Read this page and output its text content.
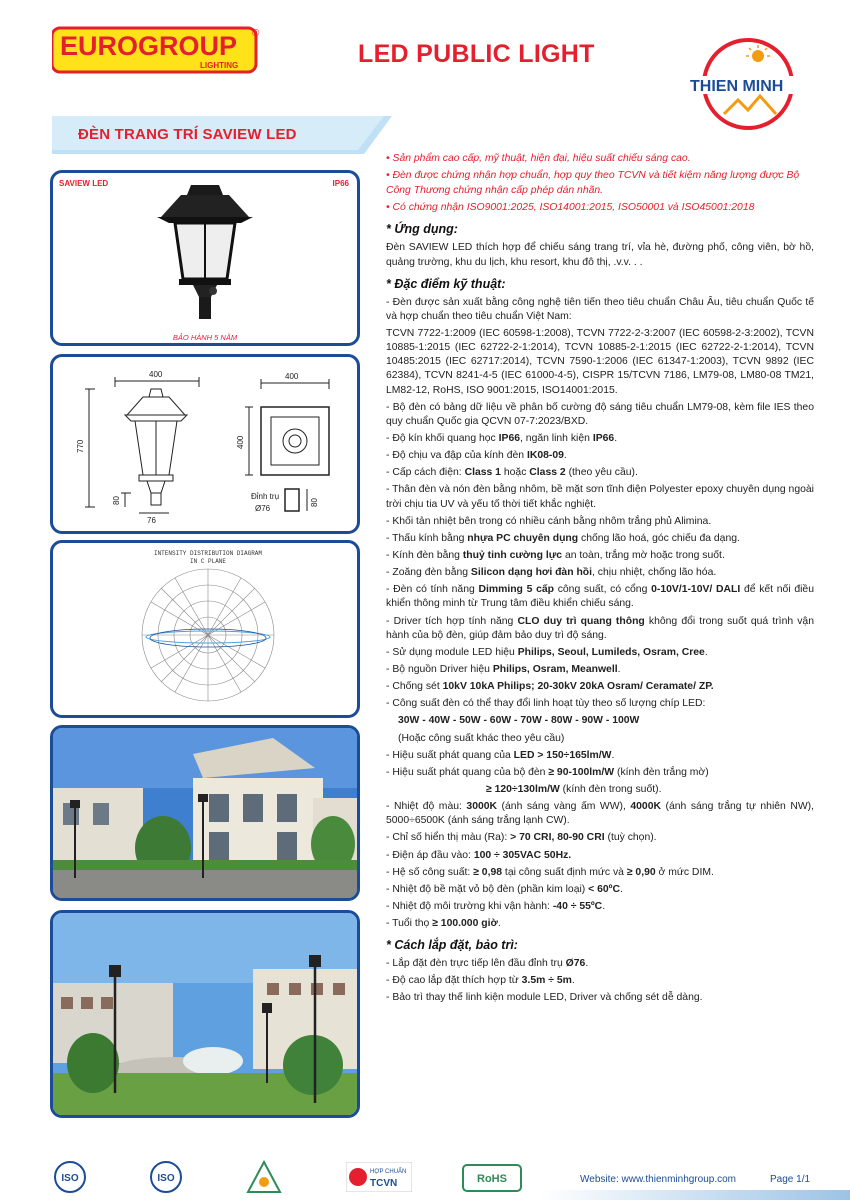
EUROGROUP
LIGHTING
®
LED PUBLIC LIGHT
THIEN MINH
ĐÈN TRANG TRÍ SAVIEW LED
SAVIEW LED	IP66
BẢO HÀNH 5 NĂM
400
770
80
76
400
400
Đỉnh trụ
Ø76
80
INTENSITY DISTRIBUTION DIAGRAM
IN C PLANE
• Sản phẩm cao cấp, mỹ thuật, hiện đại, hiệu suất chiếu sáng cao.
• Đèn được chứng nhận hợp chuẩn, hợp quy theo TCVN và tiết kiệm năng lượng được Bộ Công Thương chứng nhận cấp phép dán nhãn.
• Có chứng nhận ISO9001:2025, ISO14001:2015, ISO50001 và ISO45001:2018
* Ứng dụng:
Đèn SAVIEW LED thích hợp để chiếu sáng trang trí, vỉa hè, đường phố, công viên, bờ hồ, quảng trường, khu du lịch, khu resort, khu đô thị, .v.v. . .
* Đặc điểm kỹ thuật:
- Đèn được sản xuất bằng công nghệ tiên tiến theo tiêu chuẩn Châu Âu, tiêu chuẩn Quốc tế và hợp chuẩn theo tiêu chuẩn Việt Nam:
TCVN 7722-1:2009 (IEC 60598-1:2008), TCVN 7722-2-3:2007 (IEC 60598-2-3:2002), TCVN 10885-1:2015 (IEC 62722-2-1:2014), TCVN 10885-2-1:2015 (IEC 62722-2-1:2014), TCVN 10485:2015 (IEC 62717:2014), TCVN 7590-1:2006 (IEC 61347-1:2003), TCVN 9892 (IEC 62384), TCVN 8241-4-5 (IEC 61000-4-5), CISPR 15/TCVN 7186, LM79-08, LM80-08 TM21, LM82-12, RoHS, ISO 9001:2015, ISO14001:2015.
- Bộ đèn có bảng dữ liệu về phân bố cường độ sáng tiêu chuẩn LM79-08, kèm file IES theo quy chuẩn Quốc gia QCVN 07-7:2023/BXD.
- Độ kín khối quang học IP66, ngăn linh kiện IP66.
- Độ chịu va đập của kính đèn IK08-09.
- Cấp cách điện: Class 1 hoặc Class 2 (theo yêu cầu).
- Thân đèn và nón đèn bằng nhôm, bề mặt sơn tĩnh điện Polyester epoxy chuyên dụng ngoài trời chịu tia UV và yếu tố thời tiết khắc nghiệt.
- Khối tản nhiệt bên trong có nhiều cánh bằng nhôm trắng phủ Alimina.
- Thấu kính bằng nhựa PC chuyên dụng chống lão hoá, góc chiếu đa dạng.
- Kính đèn bằng thuỷ tinh cường lực an toàn, trắng mờ hoặc trong suốt.
- Zoăng đèn bằng Silicon dạng hơi đàn hồi, chịu nhiệt, chống lão hóa.
- Đèn có tính năng Dimming 5 cấp công suất, có cổng 0-10V/1-10V/ DALI để kết nối điều khiển thông minh từ Trung tâm điều khiển chiếu sáng.
- Driver tích hợp tính năng CLO duy trì quang thông không đổi trong suốt quá trình vận hành của bộ đèn, giúp đảm bảo duy trì độ sáng.
- Sử dụng module LED hiệu Philips, Seoul, Lumileds, Osram, Cree.
- Bộ nguồn Driver hiệu Philips, Osram, Meanwell.
- Chống sét 10kV 10kA Philips; 20-30kV 20kA Osram/ Ceramate/ ZP.
- Công suất đèn có thể thay đổi linh hoạt tùy theo số lượng chíp LED:
30W - 40W - 50W - 60W - 70W - 80W - 90W - 100W
(Hoặc công suất khác theo yêu cầu)
- Hiệu suất phát quang của LED > 150÷165lm/W.
- Hiệu suất phát quang của bộ đèn ≥ 90-100lm/W (kính đèn trắng mờ)
≥ 120÷130lm/W (kính đèn trong suốt).
- Nhiệt độ màu: 3000K (ánh sáng vàng ấm WW), 4000K (ánh sáng trắng tự nhiên NW), 5000÷6500K (ánh sáng trắng lạnh CW).
- Chỉ số hiển thị màu (Ra): > 70 CRI, 80-90 CRI (tuỳ chọn).
- Điện áp đầu vào: 100 ÷ 305VAC 50Hz.
- Hệ số công suất: ≥ 0,98 tại công suất định mức và ≥ 0,90 ở mức DIM.
- Nhiệt độ bề mặt vỏ bộ đèn (phần kim loại) < 60ºC.
- Nhiệt độ môi trường khi vận hành: -40 ÷ 55ºC.
- Tuổi thọ ≥ 100.000 giờ.
* Cách lắp đặt, bảo trì:
- Lắp đặt đèn trực tiếp lên đầu đỉnh trụ Ø76.
- Độ cao lắp đặt thích hợp từ 3.5m ÷ 5m.
- Bảo trì thay thế linh kiện module LED, Driver và chống sét dễ dàng.
ISO	ISO
HỢP CHUẨN
TCVN	RoHS	Website: www.thienminhgroup.com	Page 1/1
